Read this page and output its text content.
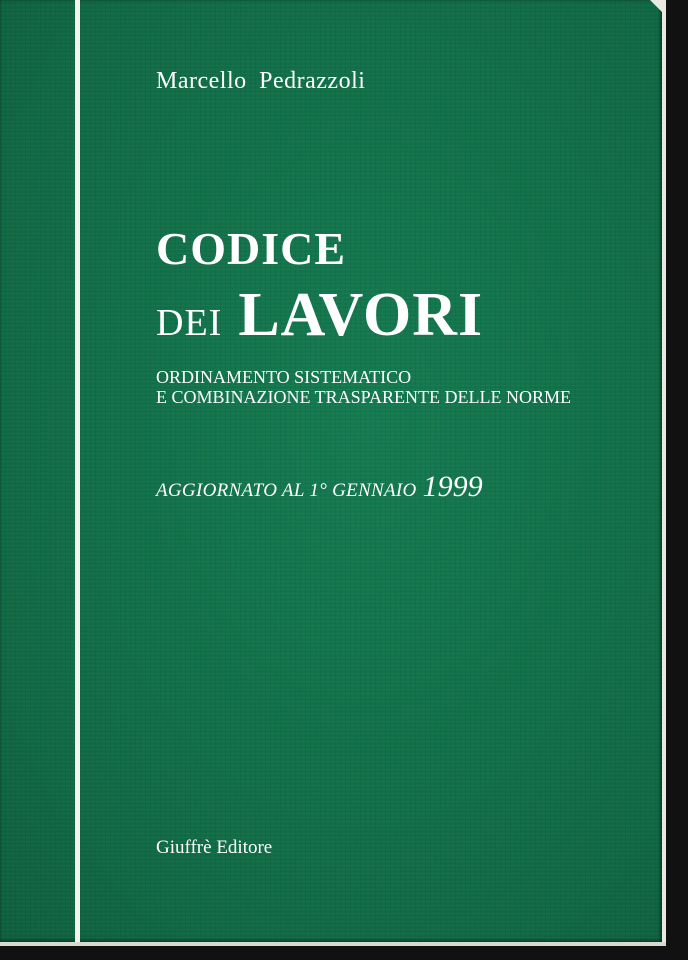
Marcello Pedrazzoli
CODICE
DEI LAVORI
ORDINAMENTO SISTEMATICO
E COMBINAZIONE TRASPARENTE DELLE NORME
AGGIORNATO AL 1° GENNAIO 1999
Giuffrè Editore
